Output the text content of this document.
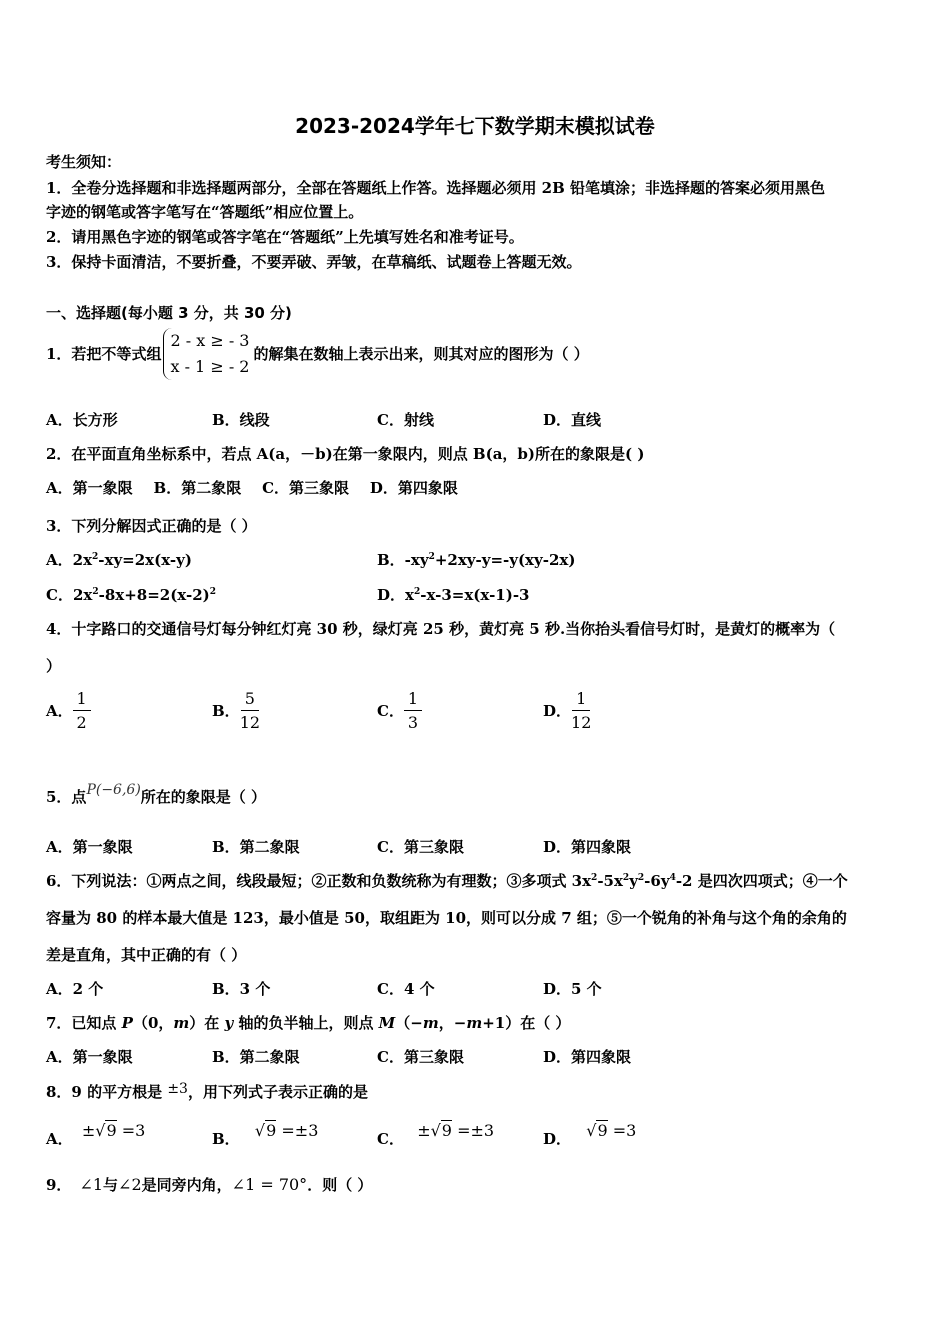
2023-2024学年七下数学期末模拟试卷
考生须知：
1．全卷分选择题和非选择题两部分，全部在答题纸上作答。选择题必须用 2B 铅笔填涂；非选择题的答案必须用黑色
字迹的钢笔或答字笔写在“答题纸”相应位置上。
2．请用黑色字迹的钢笔或答字笔在“答题纸”上先填写姓名和准考证号。
3．保持卡面清洁，不要折叠，不要弄破、弄皱，在草稿纸、试题卷上答题无效。
一、选择题(每小题 3 分，共 30 分)
1．若把不等式组
2 - x ≥ - 3
x - 1 ≥ - 2
的解集在数轴上表示出来，则其对应的图形为（ ）
A．长方形	B．线段	C．射线	D．直线
2．在平面直角坐标系中，若点 A(a，－b)在第一象限内，则点 B(a，b)所在的象限是( )
A．第一象限    B．第二象限    C．第三象限    D．第四象限
3．下列分解因式正确的是（ ）
A．$2x^2-xy=2x(x-y)$	B．$-xy^2+2xy-y=-y(xy-2x)$
C．$2x^2-8x+8=2(x-2)^2$	D．$x^2-x-3=x(x-1)-3$
4．十字路口的交通信号灯每分钟红灯亮 30 秒，绿灯亮 25 秒，黄灯亮 5 秒.当你抬头看信号灯时，是黄灯的概率为（
）
A． $\frac{1}{2}$	B． $\frac{5}{12}$	C． $\frac{1}{3}$	D． $\frac{1}{12}$
5．点P(−6,6)所在的象限是（ ）
A．第一象限	B．第二象限	C．第三象限	D．第四象限
6．下列说法：①两点之间，线段最短；②正数和负数统称为有理数；③多项式 $3x^2-5x^2y^2-6y^4-2$ 是四次四项式；④一个
容量为 80 的样本最大值是 123，最小值是 50，取组距为 10，则可以分成 7 组；⑤一个锐角的补角与这个角的余角的
差是直角，其中正确的有（ ）
A．2 个	B．3 个	C．4 个	D．5 个
7．已知点 P（0，m）在 y 轴的负半轴上，则点 M（−m，−m+1）在（ ）
A．第一象限	B．第二象限	C．第三象限	D．第四象限
8．9 的平方根是 ±3，用下列式子表示正确的是
A． ±√9 =3	B． √9 =±3	C． ±√9 =±3	D． √9 =3
9． ∠1与∠2是同旁内角，∠1 = 70°．则（ ）
